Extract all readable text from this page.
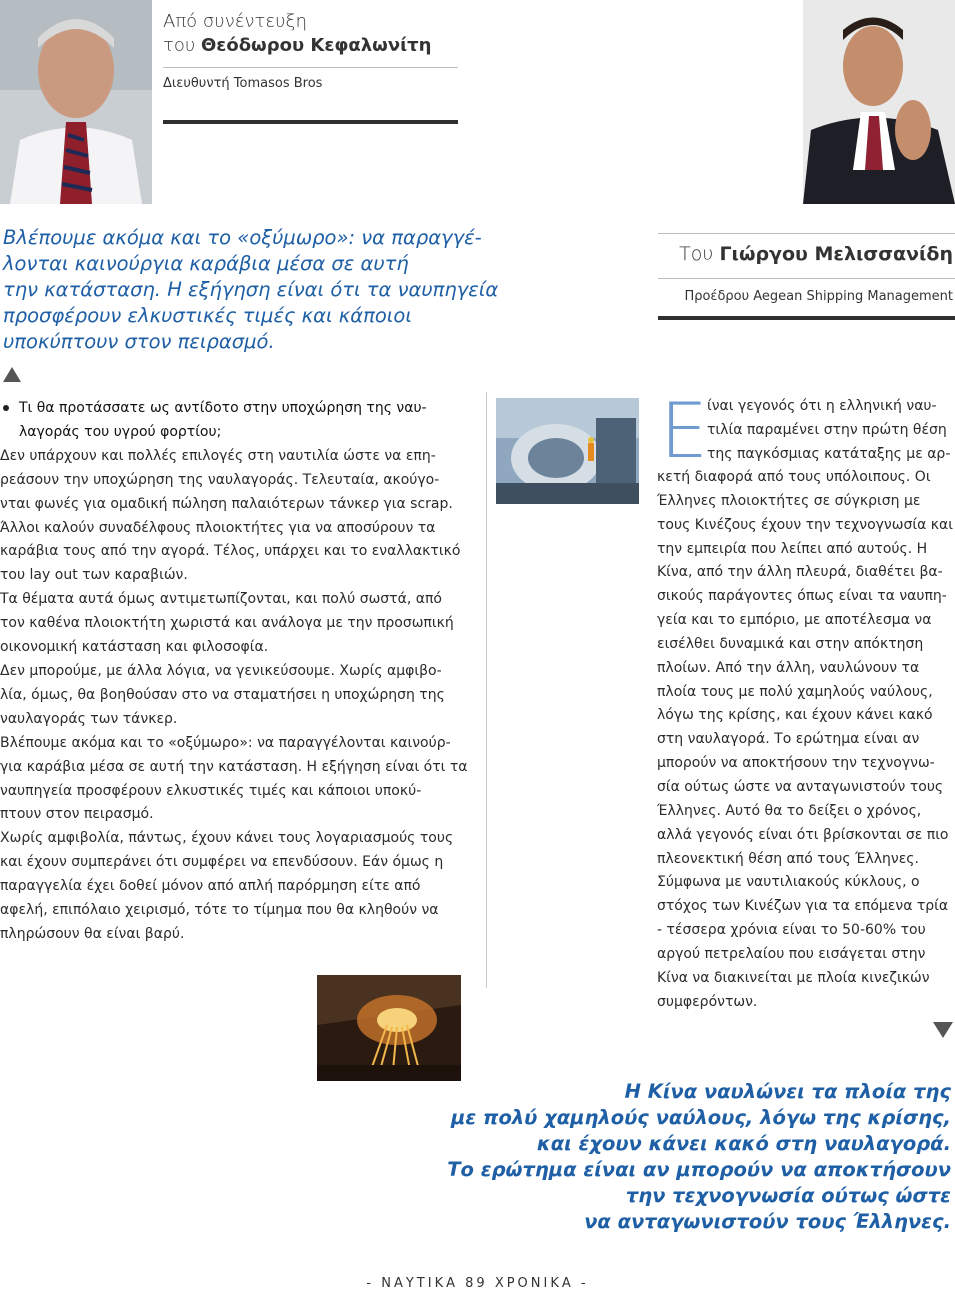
Από συνέντευξη
του Θεόδωρου Κεφαλωνίτη
Διευθυντή Tomasos Bros
Βλέπουμε ακόμα και το «οξύμωρο»: να παραγγέ-
λονται καινούργια καράβια μέσα σε αυτή
την κατάσταση. Η εξήγηση είναι ότι τα ναυπηγεία
προσφέρουν ελκυστικές τιμές και κάποιοι
υποκύπτουν στον πειρασμό.
Του Γιώργου Μελισσανίδη
Προέδρου Aegean Shipping Management
Τι θα προτάσσατε ως αντίδοτο στην υποχώρηση της ναυ-
λαγοράς του υγρού φορτίου;
Δεν υπάρχουν και πολλές επιλογές στη ναυτιλία ώστε να επη-
ρεάσουν την υποχώρηση της ναυλαγοράς. Τελευταία, ακούγο-
νται φωνές για ομαδική πώληση παλαιότερων τάνκερ για scrap.
Άλλοι καλούν συναδέλφους πλοιοκτήτες για να αποσύρουν τα
καράβια τους από την αγορά. Τέλος, υπάρχει και το εναλλακτικό
του lay out των καραβιών.
Τα θέματα αυτά όμως αντιμετωπίζονται, και πολύ σωστά, από
τον καθένα πλοιοκτήτη χωριστά και ανάλογα με την προσωπική
οικονομική κατάσταση και φιλοσοφία.
Δεν μπορούμε, με άλλα λόγια, να γενικεύσουμε. Χωρίς αμφιβο-
λία, όμως, θα βοηθούσαν στο να σταματήσει η υποχώρηση της
ναυλαγοράς των τάνκερ.
Βλέπουμε ακόμα και το «οξύμωρο»: να παραγγέλονται καινούρ-
για καράβια μέσα σε αυτή την κατάσταση. Η εξήγηση είναι ότι τα
ναυπηγεία προσφέρουν ελκυστικές τιμές και κάποιοι υποκύ-
πτουν στον πειρασμό.
Χωρίς αμφιβολία, πάντως, έχουν κάνει τους λογαριασμούς τους
και έχουν συμπεράνει ότι συμφέρει να επενδύσουν. Εάν όμως η
παραγγελία έχει δοθεί μόνον από απλή παρόρμηση είτε από
αφελή, επιπόλαιο χειρισμό, τότε το τίμημα που θα κληθούν να
πληρώσουν θα είναι βαρύ.
Ε
ίναι γεγονός ότι η ελληνική ναυ-
τιλία παραμένει στην πρώτη θέση
της παγκόσμιας κατάταξης με αρ-
κετή διαφορά από τους υπόλοιπους. Οι
Έλληνες πλοιοκτήτες σε σύγκριση με
τους Κινέζους έχουν την τεχνογνωσία και
την εμπειρία που λείπει από αυτούς. Η
Κίνα, από την άλλη πλευρά, διαθέτει βα-
σικούς παράγοντες όπως είναι τα ναυπη-
γεία και το εμπόριο, με αποτέλεσμα να
εισέλθει δυναμικά και στην απόκτηση
πλοίων. Από την άλλη, ναυλώνουν τα
πλοία τους με πολύ χαμηλούς ναύλους,
λόγω της κρίσης, και έχουν κάνει κακό
στη ναυλαγορά. Το ερώτημα είναι αν
μπορούν να αποκτήσουν την τεχνογνω-
σία ούτως ώστε να ανταγωνιστούν τους
Έλληνες. Αυτό θα το δείξει ο χρόνος,
αλλά γεγονός είναι ότι βρίσκονται σε πιο
πλεονεκτική θέση από τους Έλληνες.
Σύμφωνα με ναυτιλιακούς κύκλους, ο
στόχος των Κινέζων για τα επόμενα τρία
- τέσσερα χρόνια είναι το 50-60% του
αργού πετρελαίου που εισάγεται στην
Κίνα να διακινείται με πλοία κινεζικών
συμφερόντων.
Η Κίνα ναυλώνει τα πλοία της
με πολύ χαμηλούς ναύλους, λόγω της κρίσης,
και έχουν κάνει κακό στη ναυλαγορά.
Το ερώτημα είναι αν μπορούν να αποκτήσουν
την τεχνογνωσία ούτως ώστε
να ανταγωνιστούν τους Έλληνες.
- ΝΑΥΤΙΚΑ 89 ΧΡΟΝΙΚΑ -
